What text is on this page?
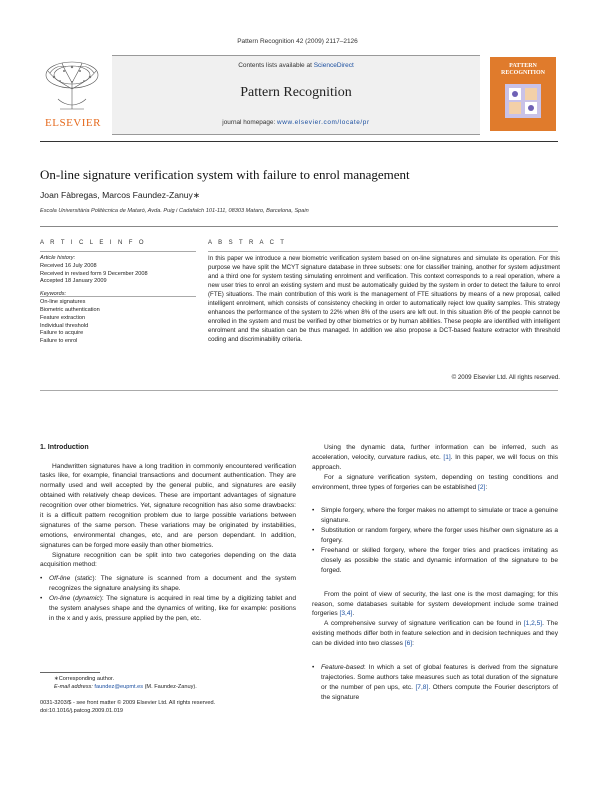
Pattern Recognition 42 (2009) 2117–2126
ELSEVIER
Contents lists available at ScienceDirect
Pattern Recognition
journal homepage: www.elsevier.com/locate/pr
PATTERN
RECOGNITION
On-line signature verification system with failure to enrol management
Joan Fàbregas, Marcos Faundez-Zanuy∗
Escola Universitària Politècnica de Mataró, Avda. Puig i Cadafalch 101-111, 08303 Mataro, Barcelona, Spain
A R T I C L E I N F O	A B S T R A C T
Article history:
Received 16 July 2008
Received in revised form 9 December 2008
Accepted 18 January 2009
Keywords:
On-line signatures
Biometric authentication
Feature extraction
Individual threshold
Failure to acquire
Failure to enrol
In this paper we introduce a new biometric verification system based on on-line signatures and simulate its operation. For this purpose we have split the MCYT signature database in three subsets: one for classifier training, another for system adjustment and a third one for system testing simulating enrolment and verification. This context corresponds to a real operation, where a new user tries to enrol an existing system and must be automatically guided by the system in order to detect the failure to enrol (FTE) situations. The main contribution of this work is the management of FTE situations by means of a new proposal, called intelligent enrolment, which consists of consistency checking in order to automatically reject low quality samples. This strategy enhances the performance of the system to 22% when 8% of the users are left out. In this situation 8% of the people cannot be enrolled in the system and must be verified by other biometrics or by human abilities. These people are identified with intelligent enrolment and the situation can be thus managed. In addition we also propose a DCT-based feature extractor with threshold coding and discriminability criteria.
© 2009 Elsevier Ltd. All rights reserved.
1. Introduction

Handwritten signatures have a long tradition in commonly encountered verification tasks like, for example, financial transactions and document authentication. They are normally used and well accepted by the general public, and signatures are easily obtained with relatively cheap devices. These are important advantages of signature recognition over other biometrics. Yet, signature recognition has also some drawbacks: it is a difficult pattern recognition problem due to large possible variations between signatures of the same person. These variations may be originated by instabilities, emotions, environmental changes, etc, and are person dependant. In addition, signatures can be forged more easily than other biometrics.

Signature recognition can be split into two categories depending on the data acquisition method:

• Off-line (static): The signature is scanned from a document and the system recognizes the signature analysing its shape.
• On-line (dynamic): The signature is acquired in real time by a digitizing tablet and the system analyses shape and the dynamics of writing, like for example: positions in the x and y axis, pressure applied by the pen, etc.

Using the dynamic data, further information can be inferred, such as acceleration, velocity, curvature radius, etc. [1]. In this paper, we will focus on this approach.

For a signature verification system, depending on testing conditions and environment, three types of forgeries can be established [2]:

• Simple forgery, where the forger makes no attempt to simulate or trace a genuine signature.
• Substitution or random forgery, where the forger uses his/her own signature as a forgery.
• Freehand or skilled forgery, where the forger tries and practices imitating as closely as possible the static and dynamic information of the signature to be forged.

From the point of view of security, the last one is the most damaging; for this reason, some databases suitable for system development include some trained forgeries [3,4].

A comprehensive survey of signature verification can be found in [1,2,5]. The existing methods differ both in feature selection and in decision techniques and they can be divided into two classes [6]:

• Feature-based: In which a set of global features is derived from the signature trajectories. Some authors take measures such as total duration of the signature or the number of pen ups, etc. [7,8]. Others compute the Fourier descriptors of the signature
∗Corresponding author.
E-mail address: faundez@eupmt.es (M. Faundez-Zanuy).
0031-3203/$ - see front matter © 2009 Elsevier Ltd. All rights reserved.
doi:10.1016/j.patcog.2009.01.019
